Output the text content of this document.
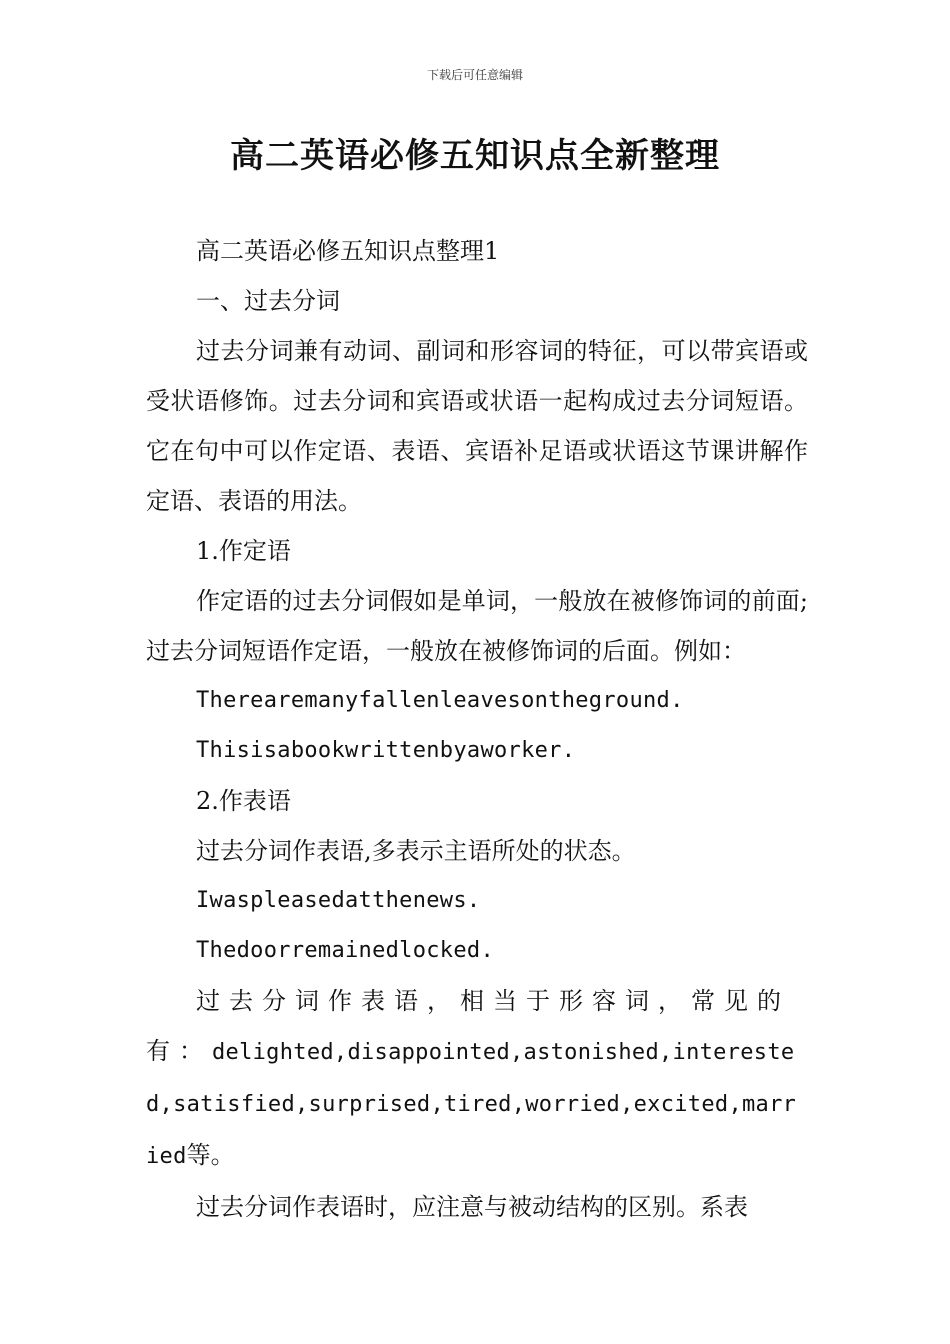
下载后可任意编辑
高二英语必修五知识点全新整理

高二英语必修五知识点整理1

一、过去分词

过去分词兼有动词、副词和形容词的特征，可以带宾语或受状语修饰。过去分词和宾语或状语一起构成过去分词短语。它在句中可以作定语、表语、宾语补足语或状语这节课讲解作定语、表语的用法。

1.作定语

作定语的过去分词假如是单词，一般放在被修饰词的前面;过去分词短语作定语，一般放在被修饰词的后面。例如：

Therearemanyfallenleavesontheground.

Thisisabookwrittenbyaworker.

2.作表语

过去分词作表语,多表示主语所处的状态。

Iwaspleasedatthenews.

Thedoorremainedlocked.

过去分词作表语，相当于形容词，常见的有：delighted,disappointed,astonished,interested,satisfied,surprised,tired,worried,excited,married等。

过去分词作表语时，应注意与被动结构的区别。系表
